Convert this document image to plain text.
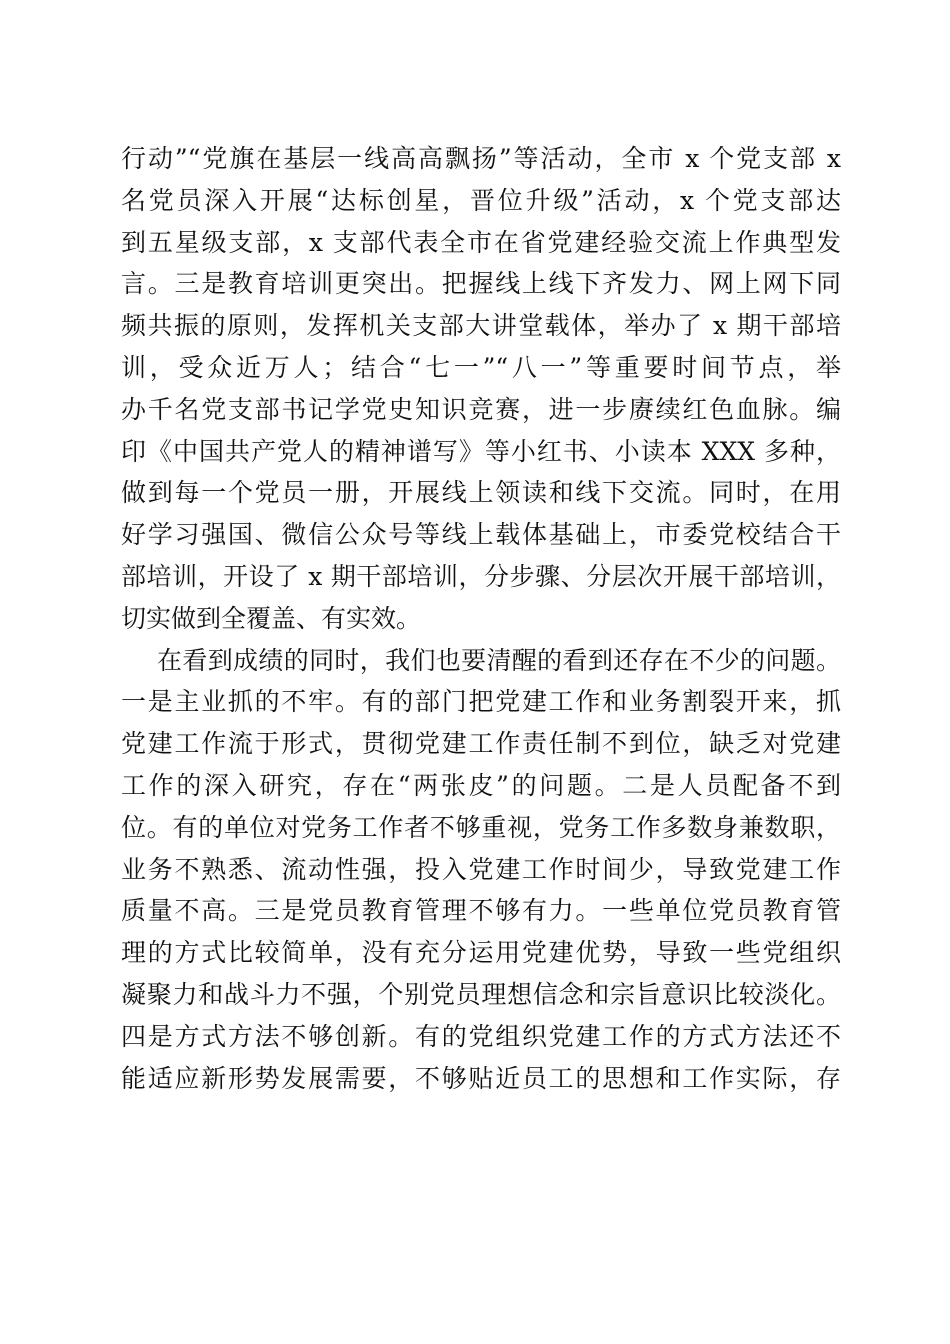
行动”“党旗在基层一线高高飘扬”等活动，全市 x 个党支部 x
名党员深入开展“达标创星，晋位升级”活动，x 个党支部达
到五星级支部，x 支部代表全市在省党建经验交流上作典型发
言。三是教育培训更突出。把握线上线下齐发力、网上网下同
频共振的原则，发挥机关支部大讲堂载体，举办了 x 期干部培
训，受众近万人；结合“七一”“八一”等重要时间节点，举
办千名党支部书记学党史知识竞赛，进一步赓续红色血脉。编
印《中国共产党人的精神谱写》等小红书、小读本 XXX 多种，
做到每一个党员一册，开展线上领读和线下交流。同时，在用
好学习强国、微信公众号等线上载体基础上，市委党校结合干
部培训，开设了 x 期干部培训，分步骤、分层次开展干部培训，
切实做到全覆盖、有实效。
在看到成绩的同时，我们也要清醒的看到还存在不少的问题。
一是主业抓的不牢。有的部门把党建工作和业务割裂开来，抓
党建工作流于形式，贯彻党建工作责任制不到位，缺乏对党建
工作的深入研究，存在“两张皮”的问题。二是人员配备不到
位。有的单位对党务工作者不够重视，党务工作多数身兼数职，
业务不熟悉、流动性强，投入党建工作时间少，导致党建工作
质量不高。三是党员教育管理不够有力。一些单位党员教育管
理的方式比较简单，没有充分运用党建优势，导致一些党组织
凝聚力和战斗力不强，个别党员理想信念和宗旨意识比较淡化。
四是方式方法不够创新。有的党组织党建工作的方式方法还不
能适应新形势发展需要，不够贴近员工的思想和工作实际，存
